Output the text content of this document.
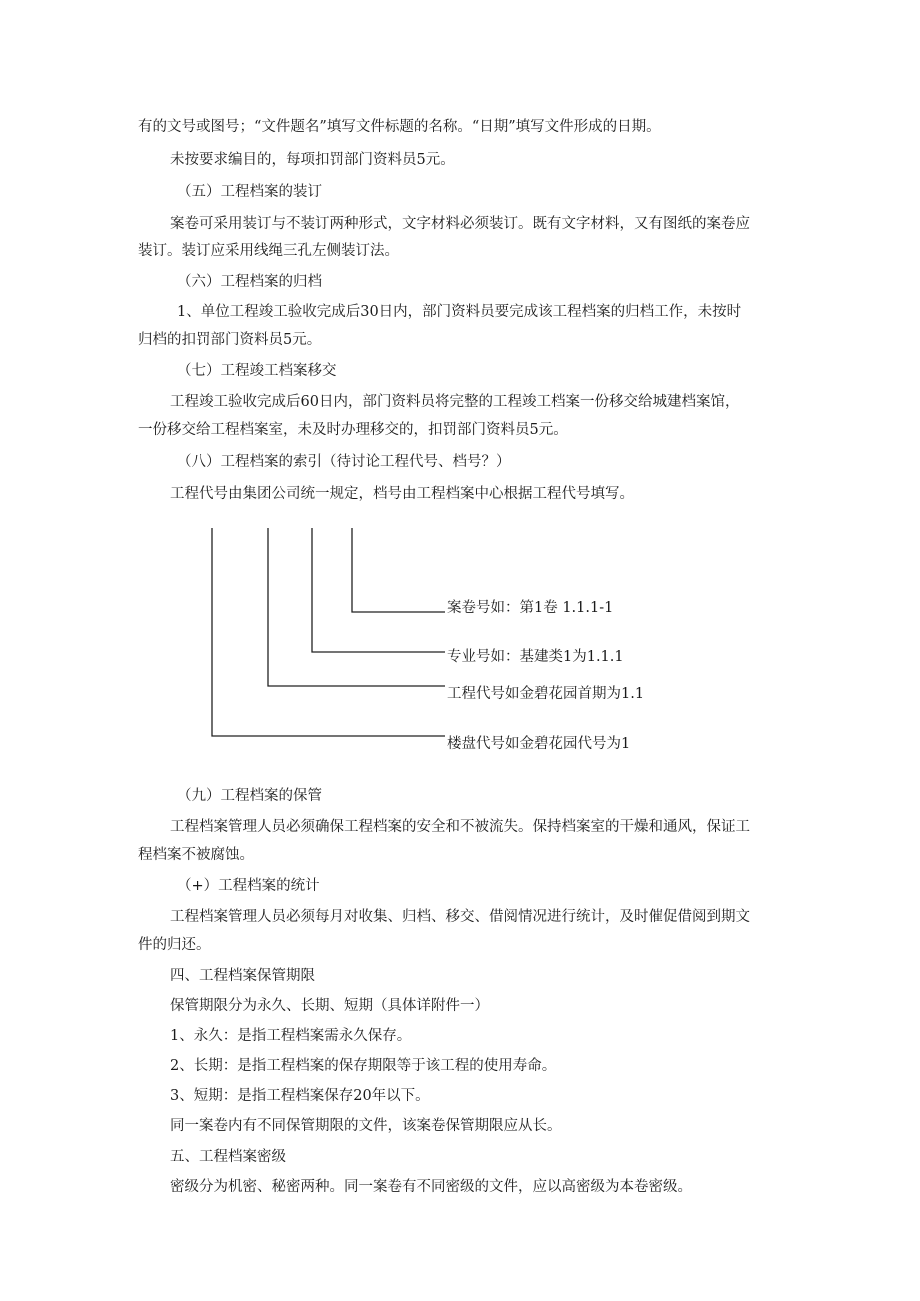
有的文号或图号；“文件题名”填写文件标题的名称。“日期”填写文件形成的日期。
未按要求编目的，每项扣罚部门资料员5元。
（五）工程档案的装订
案卷可采用装订与不装订两种形式，文字材料必须装订。既有文字材料，又有图纸的案卷应
装订。装订应采用线绳三孔左侧装订法。
（六）工程档案的归档
1、单位工程竣工验收完成后30日内，部门资料员要完成该工程档案的归档工作，未按时
归档的扣罚部门资料员5元。
（七）工程竣工档案移交
工程竣工验收完成后60日内，部门资料员将完整的工程竣工档案一份移交给城建档案馆，
一份移交给工程档案室，未及时办理移交的，扣罚部门资料员5元。
（八）工程档案的索引（待讨论工程代号、档号？）
工程代号由集团公司统一规定，档号由工程档案中心根据工程代号填写。
案卷号如：第1卷 1.1.1-1
专业号如：基建类1为1.1.1
工程代号如金碧花园首期为1.1
楼盘代号如金碧花园代号为1
（九）工程档案的保管
工程档案管理人员必须确保工程档案的安全和不被流失。保持档案室的干燥和通风，保证工
程档案不被腐蚀。
（+）工程档案的统计
工程档案管理人员必须每月对收集、归档、移交、借阅情况进行统计，及时催促借阅到期文
件的归还。
四、工程档案保管期限
保管期限分为永久、长期、短期（具体详附件一）
1、永久：是指工程档案需永久保存。
2、长期：是指工程档案的保存期限等于该工程的使用寿命。
3、短期：是指工程档案保存20年以下。
同一案卷内有不同保管期限的文件，该案卷保管期限应从长。
五、工程档案密级
密级分为机密、秘密两种。同一案卷有不同密级的文件，应以高密级为本卷密级。
